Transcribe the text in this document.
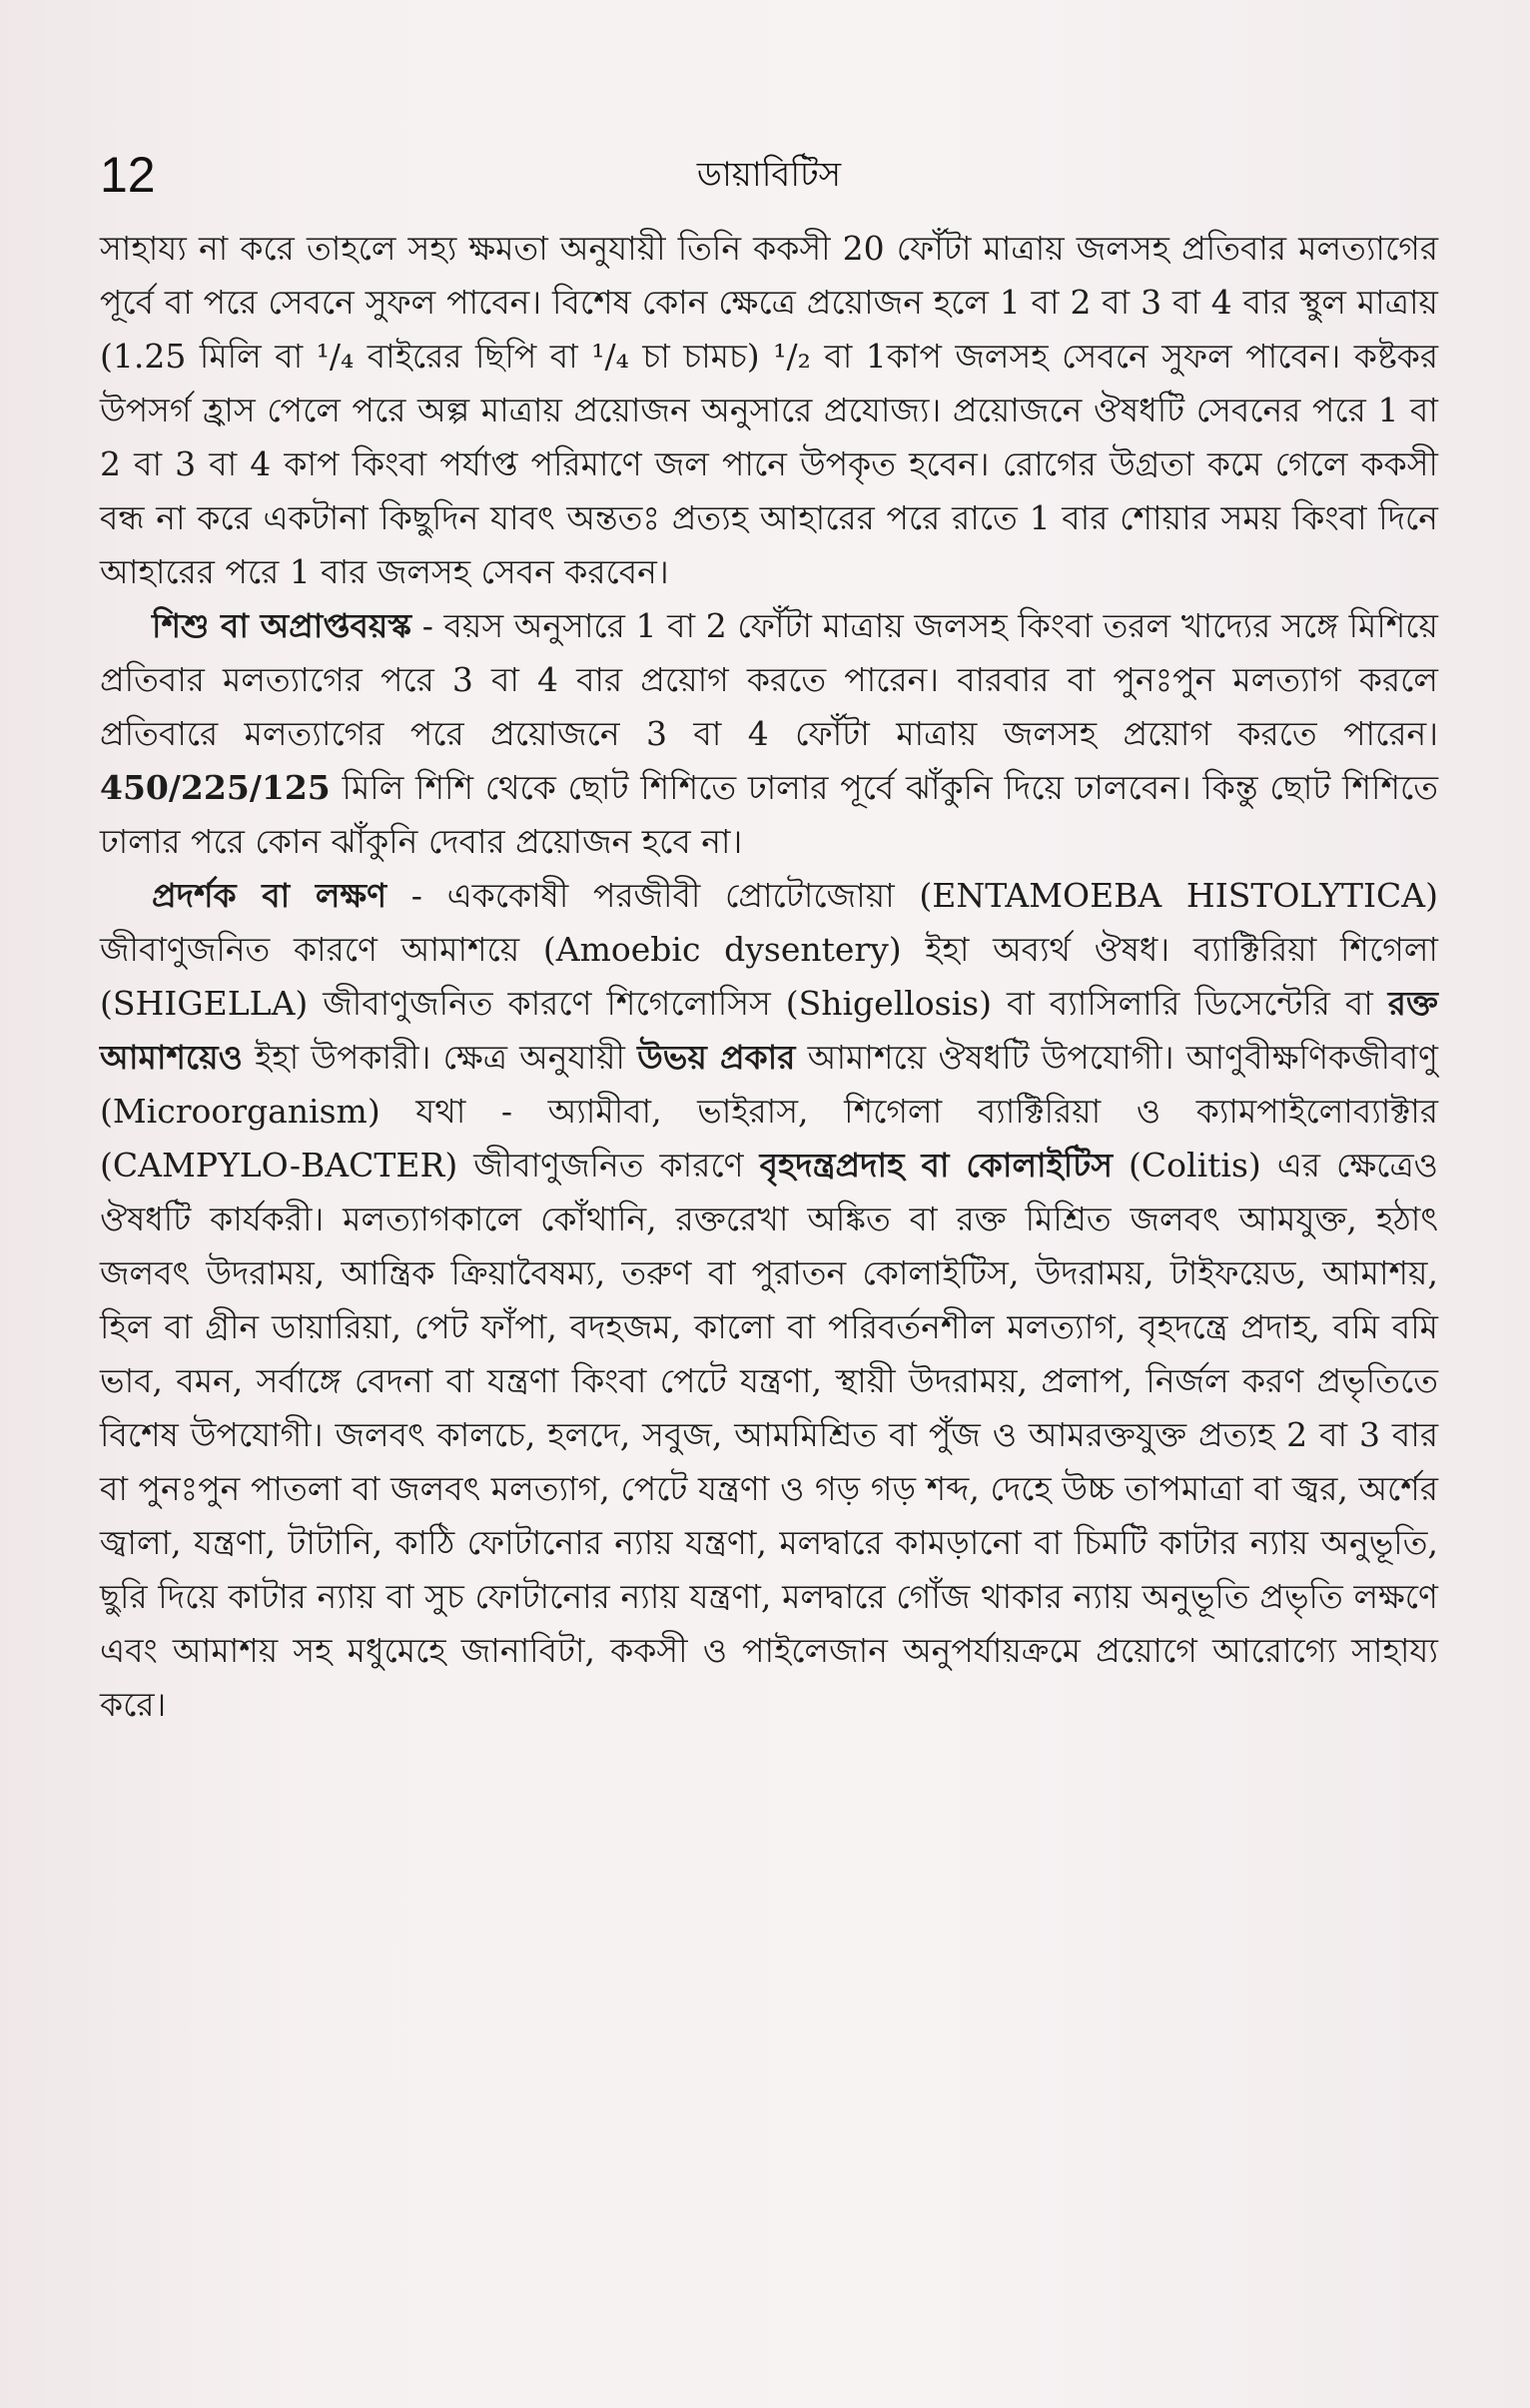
12	ডায়াবিটিস

সাহায্য না করে তাহলে সহ্য ক্ষমতা অনুযায়ী তিনি ককসী 20 ফোঁটা মাত্রায় জলসহ প্রতিবার মলত্যাগের পূর্বে বা পরে সেবনে সুফল পাবেন। বিশেষ কোন ক্ষেত্রে প্রয়োজন হলে 1 বা 2 বা 3 বা 4 বার স্থুল মাত্রায় (1.25 মিলি বা ¹/₄ বাইরের ছিপি বা ¹/₄ চা চামচ) ¹/₂ বা 1কাপ জলসহ সেবনে সুফল পাবেন। কষ্টকর উপসর্গ হ্রাস পেলে পরে অল্প মাত্রায় প্রয়োজন অনুসারে প্রযোজ্য। প্রয়োজনে ঔষধটি সেবনের পরে 1 বা 2 বা 3 বা 4 কাপ কিংবা পর্যাপ্ত পরিমাণে জল পানে উপকৃত হবেন। রোগের উগ্রতা কমে গেলে ককসী বন্ধ না করে একটানা কিছুদিন যাবৎ অন্ততঃ প্রত্যহ আহারের পরে রাতে 1 বার শোয়ার সময় কিংবা দিনে আহারের পরে 1 বার জলসহ সেবন করবেন।

শিশু বা অপ্রাপ্তবয়স্ক - বয়স অনুসারে 1 বা 2 ফোঁটা মাত্রায় জলসহ কিংবা তরল খাদ্যের সঙ্গে মিশিয়ে প্রতিবার মলত্যাগের পরে 3 বা 4 বার প্রয়োগ করতে পারেন। বারবার বা পুনঃপুন মলত্যাগ করলে প্রতিবারে মলত্যাগের পরে প্রয়োজনে 3 বা 4 ফোঁটা মাত্রায় জলসহ প্রয়োগ করতে পারেন। 450/225/125 মিলি শিশি থেকে ছোট শিশিতে ঢালার পূর্বে ঝাঁকুনি দিয়ে ঢালবেন। কিন্তু ছোট শিশিতে ঢালার পরে কোন ঝাঁকুনি দেবার প্রয়োজন হবে না।

প্রদর্শক বা লক্ষণ - এককোষী পরজীবী প্রোটোজোয়া (ENTAMOEBA HISTOLYTICA) জীবাণুজনিত কারণে আমাশয়ে (Amoebic dysentery) ইহা অব্যর্থ ঔষধ। ব্যাক্টিরিয়া শিগেলা (SHIGELLA) জীবাণুজনিত কারণে শিগেলোসিস (Shigellosis) বা ব্যাসিলারি ডিসেন্টেরি বা রক্ত আমাশয়েও ইহা উপকারী। ক্ষেত্র অনুযায়ী উভয় প্রকার আমাশয়ে ঔষধটি উপযোগী। আণুবীক্ষণিকজীবাণু (Microorganism) যথা - অ্যামীবা, ভাইরাস, শিগেলা ব্যাক্টিরিয়া ও ক্যামপাইলোব্যাক্টার (CAMPYLO-BACTER) জীবাণুজনিত কারণে বৃহদন্ত্রপ্রদাহ বা কোলাইটিস (Colitis) এর ক্ষেত্রেও ঔষধটি কার্যকরী। মলত্যাগকালে কোঁথানি, রক্তরেখা অঙ্কিত বা রক্ত মিশ্রিত জলবৎ আমযুক্ত, হঠাৎ জলবৎ উদরাময়, আন্ত্রিক ক্রিয়াবৈষম্য, তরুণ বা পুরাতন কোলাইটিস, উদরাময়, টাইফয়েড, আমাশয়, হিল বা গ্রীন ডায়ারিয়া, পেট ফাঁপা, বদহজম, কালো বা পরিবর্তনশীল মলত্যাগ, বৃহদন্ত্রে প্রদাহ, বমি বমি ভাব, বমন, সর্বাঙ্গে বেদনা বা যন্ত্রণা কিংবা পেটে যন্ত্রণা, স্থায়ী উদরাময়, প্রলাপ, নির্জল করণ প্রভৃতিতে বিশেষ উপযোগী। জলবৎ কালচে, হলদে, সবুজ, আমমিশ্রিত বা পুঁজ ও আমরক্তযুক্ত প্রত্যহ 2 বা 3 বার বা পুনঃপুন পাতলা বা জলবৎ মলত্যাগ, পেটে যন্ত্রণা ও গড় গড় শব্দ, দেহে উচ্চ তাপমাত্রা বা জ্বর, অর্শের জ্বালা, যন্ত্রণা, টাটানি, কাঠি ফোটানোর ন্যায় যন্ত্রণা, মলদ্বারে কামড়ানো বা চিমটি কাটার ন্যায় অনুভূতি, ছুরি দিয়ে কাটার ন্যায় বা সুচ ফোটানোর ন্যায় যন্ত্রণা, মলদ্বারে গোঁজ থাকার ন্যায় অনুভূতি প্রভৃতি লক্ষণে এবং আমাশয় সহ মধুমেহে জানাবিটা, ককসী ও পাইলেজান অনুপর্যায়ক্রমে প্রয়োগে আরোগ্যে সাহায্য করে।
